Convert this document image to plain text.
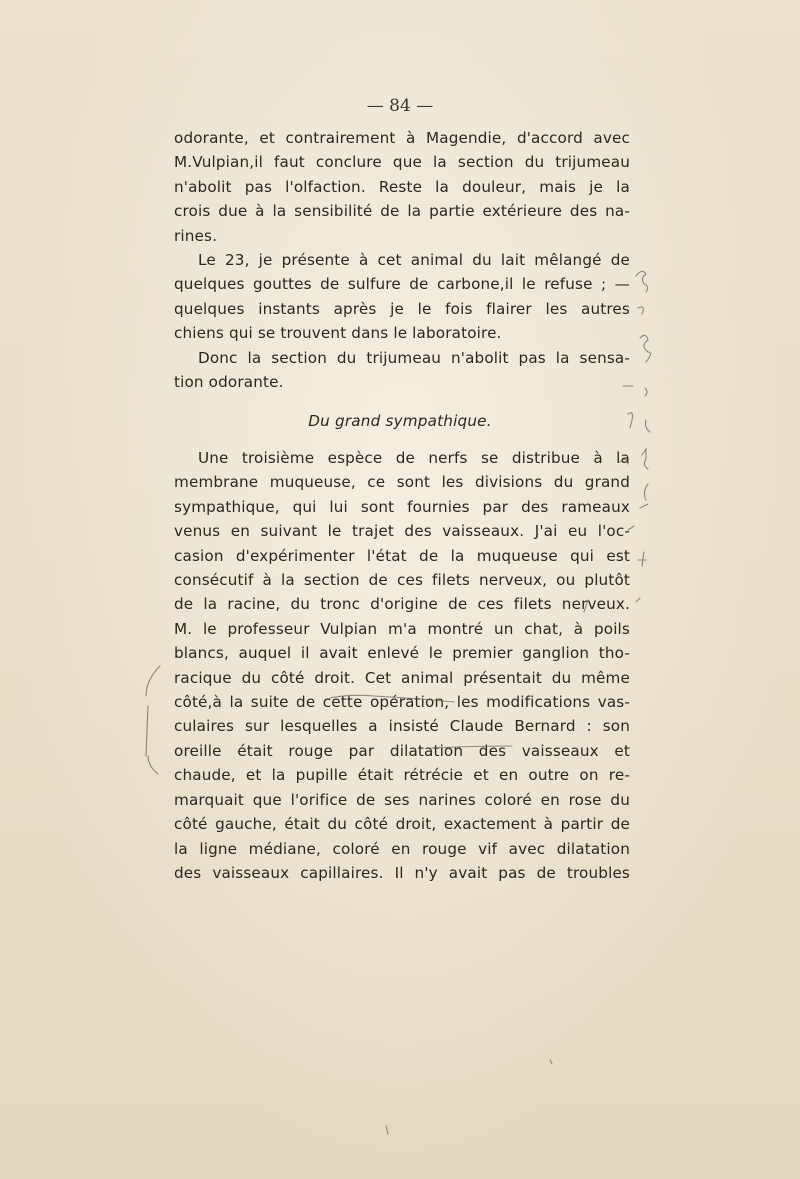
— 84 —
odorante, et contrairement à Magendie, d'accord avec
M.Vulpian,il faut conclure que la section du trijumeau
n'abolit pas l'olfaction. Reste la douleur, mais je la
crois due à la sensibilité de la partie extérieure des na-
rines.
Le 23, je présente à cet animal du lait mêlangé de
quelques gouttes de sulfure de carbone,il le refuse ; —
quelques instants après je le fois flairer les autres
chiens qui se trouvent dans le laboratoire.
Donc la section du trijumeau n'abolit pas la sensa-
tion odorante.
Du grand sympathique.
Une troisième espèce de nerfs se distribue à la
membrane muqueuse, ce sont les divisions du grand
sympathique, qui lui sont fournies par des rameaux
venus en suivant le trajet des vaisseaux. J'ai eu l'oc-
casion d'expérimenter l'état de la muqueuse qui est
consécutif à la section de ces filets nerveux, ou plutôt
de la racine, du tronc d'origine de ces filets nerveux.
M. le professeur Vulpian m'a montré un chat, à poils
blancs, auquel il avait enlevé le premier ganglion tho-
racique du côté droit. Cet animal présentait du même
côté,à la suite de cette opération, les modifications vas-
culaires sur lesquelles a insisté Claude Bernard : son
oreille était rouge par dilatation des vaisseaux et
chaude, et la pupille était rétrécie et en outre on re-
marquait que l'orifice de ses narines coloré en rose du
côté gauche, était du côté droit, exactement à partir de
la ligne médiane, coloré en rouge vif avec dilatation
des vaisseaux capillaires. Il n'y avait pas de troubles
